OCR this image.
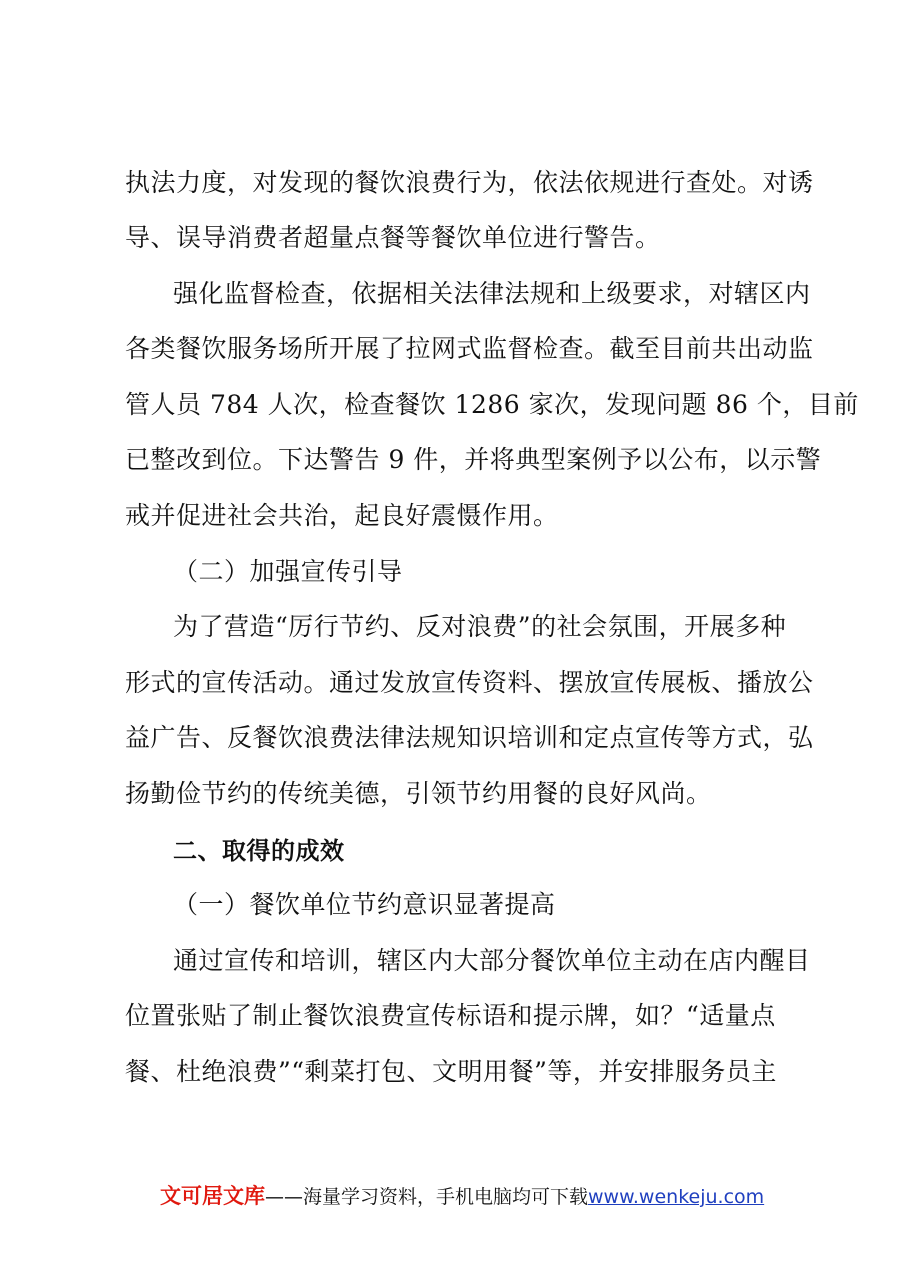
执法力度，对发现的餐饮浪费行为，依法依规进行查处。对诱
导、误导消费者超量点餐等餐饮单位进行警告。
强化监督检查，依据相关法律法规和上级要求，对辖区内
各类餐饮服务场所开展了拉网式监督检查。截至目前共出动监
管人员 784 人次，检查餐饮 1286 家次，发现问题 86 个，目前
已整改到位。下达警告 9 件，并将典型案例予以公布，以示警
戒并促进社会共治，起良好震慑作用。
（二）加强宣传引导
为了营造“厉行节约、反对浪费”的社会氛围，开展多种
形式的宣传活动。通过发放宣传资料、摆放宣传展板、播放公
益广告、反餐饮浪费法律法规知识培训和定点宣传等方式，弘
扬勤俭节约的传统美德，引领节约用餐的良好风尚。
二、取得的成效
（一）餐饮单位节约意识显著提高
通过宣传和培训，辖区内大部分餐饮单位主动在店内醒目
位置张贴了制止餐饮浪费宣传标语和提示牌，如？“适量点
餐、杜绝浪费”“剩菜打包、文明用餐”等，并安排服务员主
文可居文库——海量学习资料，手机电脑均可下载www.wenkeju.com
